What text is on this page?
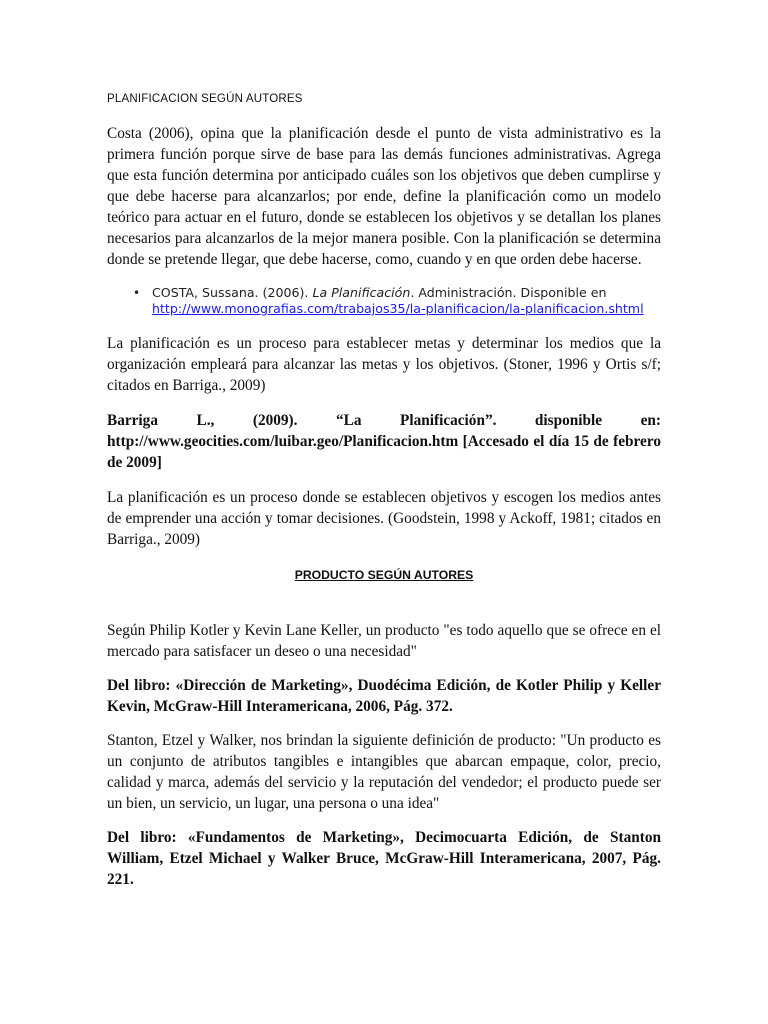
PLANIFICACION SEGÚN AUTORES

Costa (2006), opina que la planificación desde el punto de vista administrativo es la primera función porque sirve de base para las demás funciones administrativas. Agrega que esta función determina por anticipado cuáles son los objetivos que deben cumplirse y que debe hacerse para alcanzarlos; por ende, define la planificación como un modelo teórico para actuar en el futuro, donde se establecen los objetivos y se detallan los planes necesarios para alcanzarlos de la mejor manera posible. Con la planificación se determina donde se pretende llegar, que debe hacerse, como, cuando y en que orden debe hacerse.

• COSTA, Sussana. (2006). La Planificación. Administración. Disponible en http://www.monografias.com/trabajos35/la-planificacion/la-planificacion.shtml

La planificación es un proceso para establecer metas y determinar los medios que la organización empleará para alcanzar las metas y los objetivos. (Stoner, 1996 y Ortis s/f; citados en Barriga., 2009)

Barriga L., (2009). “La Planificación”. disponible en: http://www.geocities.com/luibar.geo/Planificacion.htm [Accesado el día 15 de febrero de 2009]

La planificación es un proceso donde se establecen objetivos y escogen los medios antes de emprender una acción y tomar decisiones. (Goodstein, 1998 y Ackoff, 1981; citados en Barriga., 2009)

PRODUCTO SEGÚN AUTORES

Según Philip Kotler y Kevin Lane Keller, un producto "es todo aquello que se ofrece en el mercado para satisfacer un deseo o una necesidad"

Del libro: «Dirección de Marketing», Duodécima Edición, de Kotler Philip y Keller Kevin, McGraw-Hill Interamericana, 2006, Pág. 372.

Stanton, Etzel y Walker, nos brindan la siguiente definición de producto: "Un producto es un conjunto de atributos tangibles e intangibles que abarcan empaque, color, precio, calidad y marca, además del servicio y la reputación del vendedor; el producto puede ser un bien, un servicio, un lugar, una persona o una idea"

Del libro: «Fundamentos de Marketing», Decimocuarta Edición, de Stanton William, Etzel Michael y Walker Bruce, McGraw-Hill Interamericana, 2007, Pág. 221.
